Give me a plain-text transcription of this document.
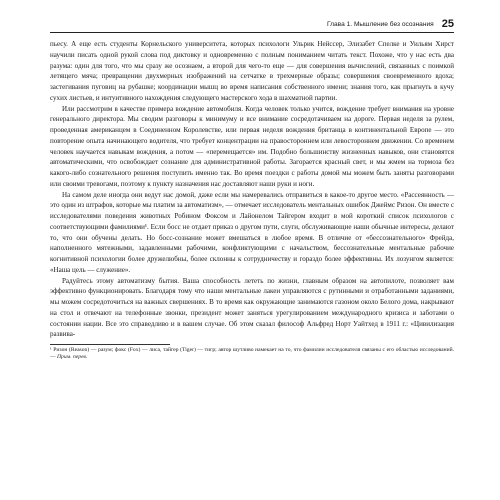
Глава 1. Мышление без осознания 25

пьесу. А еще есть студенты Корнельского университета, которых психологи Ульрик Нейссер, Элизабет Спелке и Уильям Хирст научили писать одной рукой слова под диктовку и одновременно с полным пониманием читать текст. Похоже, что у нас есть два разума: один для того, что мы сразу же осознаем, а второй для чего-то еще — для совершения вычислений, связанных с поимкой летящего мяча; превращении двухмерных изображений на сетчатке в трехмерные образы; совершения своевременного вдоха; застегивания пуговиц на рубашке; координации мышц во время написания собственного имени; знания того, как прыгнуть в кучу сухих листьев, и интуитивного нахождения следующего мастерского хода в шахматной партии.

Или рассмотрим в качестве примера вождение автомобиля. Когда человек только учится, вождение требует внимания на уровне генерального директора. Мы сводим разговоры к минимуму и все внимание сосредотачиваем на дороге. Первая неделя за рулем, проведенная американцем в Соединенном Королевстве, или первая неделя вождения британца в континентальной Европе — это повторение опыта начинающего водителя, что требует концентрации на правостороннем или левостороннем движении. Со временем человек научается навыкам вождения, а потом — «перемещается» им. Подобно большинству жизненных навыков, они становятся автоматическими, что освобождает сознание для административной работы. Загорается красный свет, и мы жмем на тормоза без какого-либо сознательного решения поступить именно так. Во время поездки с работы домой мы можем быть заняты разговорами или своими тревогами, поэтому к пункту назначения нас доставляют наши руки и ноги.

На самом деле иногда они ведут нас домой, даже если мы намеревались отправиться в какое-то другое место. «Рассеянность — это один из штрафов, которые мы платим за автоматизм», — отмечает исследователь ментальных ошибок Джеймс Ризон. Он вместе с исследователями поведения животных Робином Фоксом и Лайонелом Тайгером входит в мой короткий список психологов с соответствующими фамилиями¹. Если босс не отдает приказ о другом пути, слуги, обслуживающие наши обычные интересы, делают то, что они обучены делать. Но босс-сознание может вмешаться в любое время. В отличие от «бессознательного» Фрейда, наполненного мятежными, задавленными рабочими, конфликтующими с начальством, бессознательные ментальные рабочие когнитивной психологии более дружелюбны, более склонны к сотрудничеству и гораздо более эффективны. Их лозунгом является: «Наша цель — служение».

Радуйтесь этому автоматизму бытия. Ваша способность лететь по жизни, главным образом на автопилоте, позволяет вам эффективно функционировать. Благодаря тому что наши ментальные лакеи управляются с рутинными и отработанными заданиями, мы можем сосредоточиться на важных свершениях. В то время как окружающие занимаются газоном около Белого дома, накрывают на стол и отвечают на телефонные звонки, президент может заняться урегулированием международного кризиса и заботами о состоянии нации. Все это справедливо и в вашем случае. Об этом сказал философ Альфред Норт Уайтхед в 1911 г.: «Цивилизация развива-

¹ Ризон (Reason) — разум; фокс (Fox) — лиса, тайгер (Tiger) — тигр; автор шутливо намекает на то, что фамилии исследователя связаны с его областью исследований. — Прим. перев.
